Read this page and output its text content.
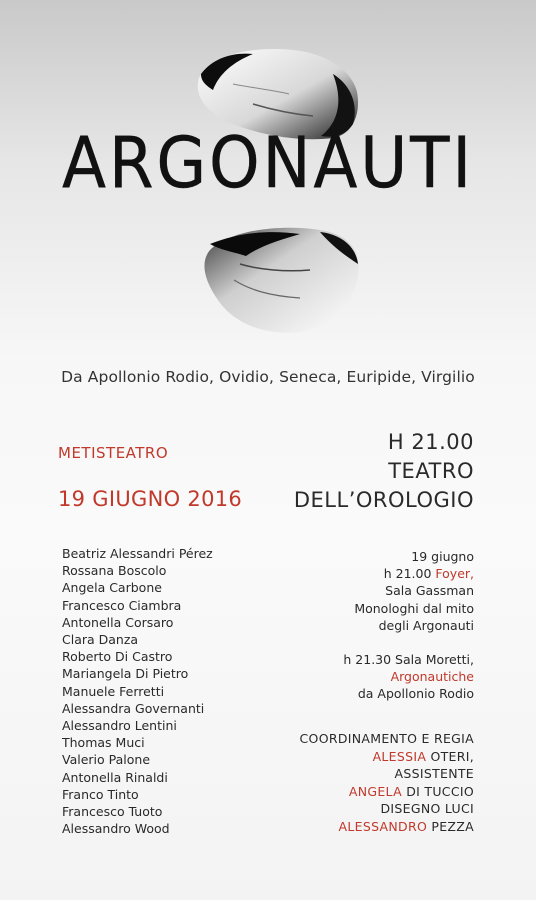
ARGONAUTI
Da Apollonio Rodio, Ovidio, Seneca, Euripide, Virgilio
METISTEATRO
19 GIUGNO 2016
H 21.00
TEATRO
DELL’OROLOGIO
Beatriz Alessandri Pérez
Rossana Boscolo
Angela Carbone
Francesco Ciambra
Antonella Corsaro
Clara Danza
Roberto Di Castro
Mariangela Di Pietro
Manuele Ferretti
Alessandra Governanti
Alessandro Lentini
Thomas Muci
Valerio Palone
Antonella Rinaldi
Franco Tinto
Francesco Tuoto
Alessandro Wood
19 giugno
h 21.00 Foyer,
Sala Gassman
Monologhi dal mito
degli Argonauti
h 21.30 Sala Moretti,
Argonautiche
da Apollonio Rodio
COORDINAMENTO E REGIA
ALESSIA OTERI,
ASSISTENTE
ANGELA DI TUCCIO
DISEGNO LUCI
ALESSANDRO PEZZA
